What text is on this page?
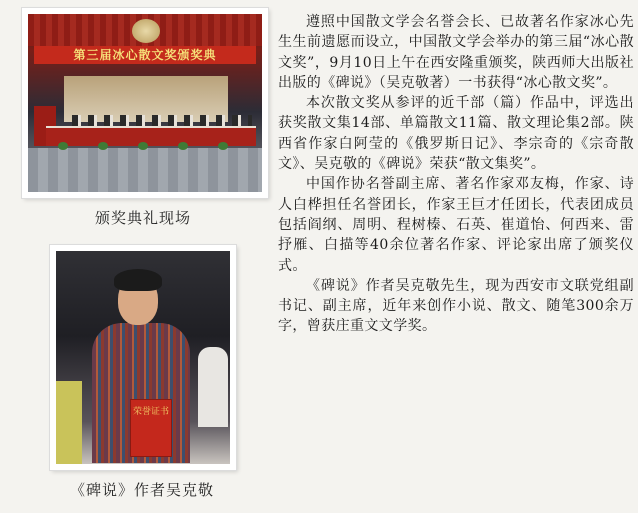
第三届冰心散文奖颁奖典
颁奖典礼现场
荣誉证书
《碑说》作者吴克敬

遵照中国散文学会名誉会长、已故著名作家冰心先生生前遗愿而设立，中国散文学会举办的第三届“冰心散文奖”，9月10日上午在西安隆重颁奖，陕西师大出版社出版的《碑说》（吴克敬著）一书获得“冰心散文奖”。

本次散文奖从参评的近千部（篇）作品中，评选出获奖散文集14部、单篇散文11篇、散文理论集2部。陕西省作家白阿莹的《俄罗斯日记》、李宗奇的《宗奇散文》、吴克敬的《碑说》荣获“散文集奖”。

中国作协名誉副主席、著名作家邓友梅，作家、诗人白桦担任名誉团长，作家王巨才任团长，代表团成员包括阎纲、周明、程树榛、石英、崔道怡、何西来、雷抒雁、白描等40余位著名作家、评论家出席了颁奖仪式。

《碑说》作者吴克敬先生，现为西安市文联党组副书记、副主席，近年来创作小说、散文、随笔300余万字，曾获庄重文文学奖。
